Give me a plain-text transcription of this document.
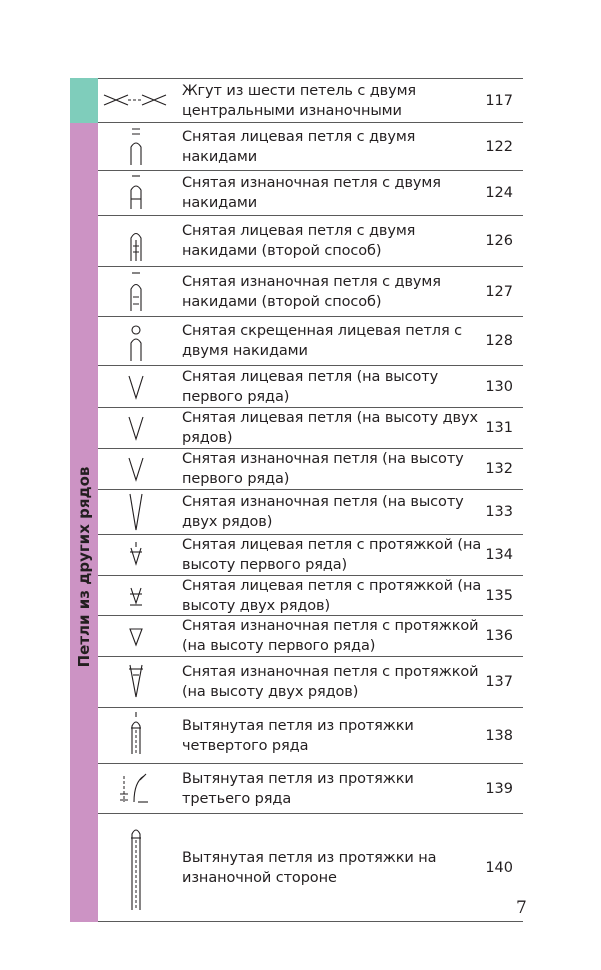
Петли из других рядов
Жгут из шести петель с двумя центральными изнаночными
117
Снятая лицевая петля с двумя накидами
122
Снятая изнаночная петля с двумя накидами
124
Снятая лицевая петля с двумя накидами (второй способ)
126
Снятая изнаночная петля с двумя накидами (второй способ)
127
Снятая скрещенная лицевая петля с двумя накидами
128
Снятая лицевая петля (на высоту первого ряда)
130
Снятая лицевая петля (на высоту двух рядов)
131
Снятая изнаночная петля (на высоту первого ряда)
132
Снятая изнаночная петля (на высоту двух рядов)
133
Снятая лицевая петля с протяжкой (на высоту первого ряда)
134
Снятая лицевая петля с протяжкой (на высоту двух рядов)
135
Снятая изнаночная петля с протяжкой (на высоту первого ряда)
136
Снятая изнаночная петля с протяжкой (на высоту двух рядов)
137
Вытянутая петля из протяжки четвертого ряда
138
Вытянутая петля из протяжки третьего ряда
139
Вытянутая петля из протяжки на изнаночной стороне
140
7
